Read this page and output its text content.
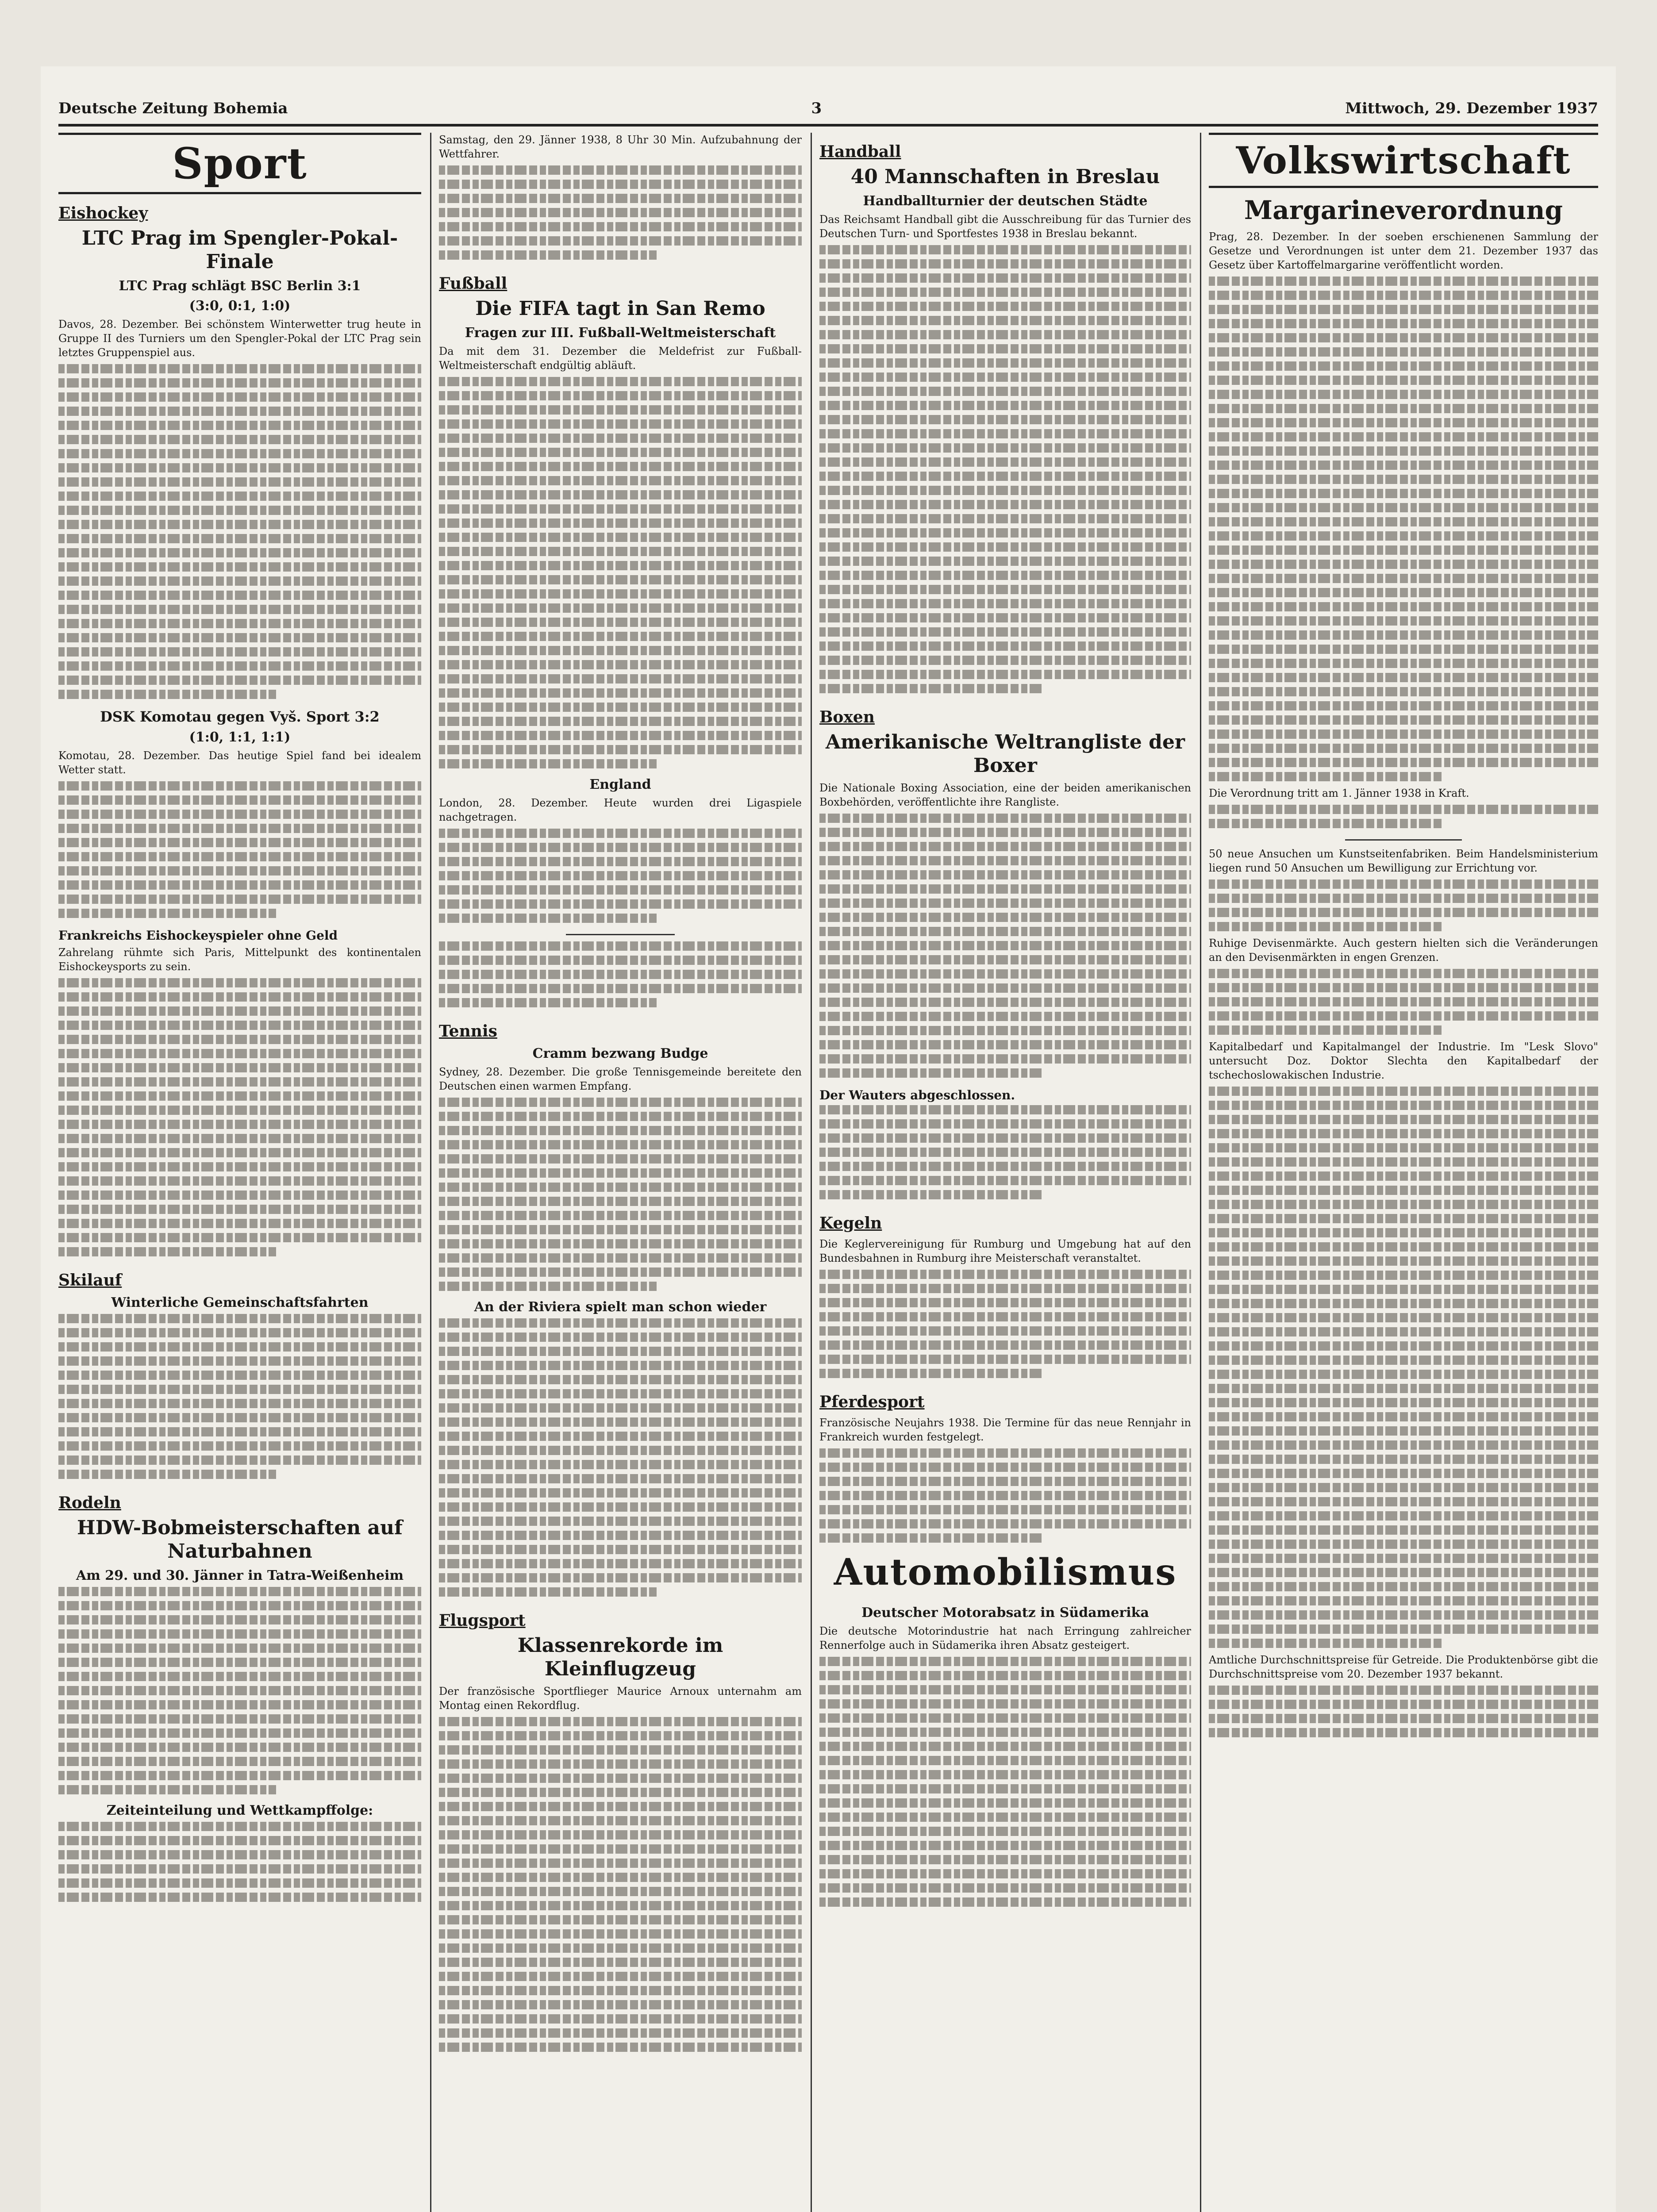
Deutsche Zeitung Bohemia	3	Mittwoch, 29. Dezember 1937
Sport
Eishockey
LTC Prag im Spengler-Pokal-Finale
LTC Prag schlägt BSC Berlin 3:1
(3:0, 0:1, 1:0)

Davos, 28. Dezember. Bei schönstem Winterwetter trug heute in Gruppe II des Turniers um den Spengler-Pokal der LTC Prag sein letztes Gruppenspiel aus.

DSK Komotau gegen Vyš. Sport 3:2
(1:0, 1:1, 1:1)

Komotau, 28. Dezember. Das heutige Spiel fand bei idealem Wetter statt.

Frankreichs Eishockeyspieler ohne Geld

Zahrelang rühmte sich Paris, Mittelpunkt des kontinentalen Eishockeysports zu sein.

Skilauf
Winterliche Gemeinschaftsfahrten
Rodeln
HDW-Bobmeisterschaften auf Naturbahnen
Am 29. und 30. Jänner in Tatra-Weißenheim
Zeiteinteilung und Wettkampffolge:

Samstag, den 29. Jänner 1938, 8 Uhr 30 Min. Aufzubahnung der Wettfahrer.

Fußball
Die FIFA tagt in San Remo
Fragen zur III. Fußball-Weltmeisterschaft

Da mit dem 31. Dezember die Meldefrist zur Fußball-Weltmeisterschaft endgültig abläuft.

England

London, 28. Dezember. Heute wurden drei Ligaspiele nachgetragen.

Tennis
Cramm bezwang Budge

Sydney, 28. Dezember. Die große Tennisgemeinde bereitete den Deutschen einen warmen Empfang.

An der Riviera spielt man schon wieder
Flugsport
Klassenrekorde im Kleinflugzeug

Der französische Sportflieger Maurice Arnoux unternahm am Montag einen Rekordflug.

Handball
40 Mannschaften in Breslau
Handballturnier der deutschen Städte

Das Reichsamt Handball gibt die Ausschreibung für das Turnier des Deutschen Turn- und Sportfestes 1938 in Breslau bekannt.

Boxen
Amerikanische Weltrangliste der Boxer

Die Nationale Boxing Association, eine der beiden amerikanischen Boxbehörden, veröffentlichte ihre Rangliste.

Der Wauters abgeschlossen.
Kegeln

Die Keglervereinigung für Rumburg und Umgebung hat auf den Bundesbahnen in Rumburg ihre Meisterschaft veranstaltet.

Pferdesport

Französische Neujahrs 1938. Die Termine für das neue Rennjahr in Frankreich wurden festgelegt.

Automobilismus
Deutscher Motorabsatz in Südamerika

Die deutsche Motorindustrie hat nach Erringung zahlreicher Rennerfolge auch in Südamerika ihren Absatz gesteigert.

Volkswirtschaft
Margarineverordnung

Prag, 28. Dezember. In der soeben erschienenen Sammlung der Gesetze und Verordnungen ist unter dem 21. Dezember 1937 das Gesetz über Kartoffelmargarine veröffentlicht worden.

Die Verordnung tritt am 1. Jänner 1938 in Kraft.

50 neue Ansuchen um Kunstseitenfabriken. Beim Handelsministerium liegen rund 50 Ansuchen um Bewilligung zur Errichtung vor.

Ruhige Devisenmärkte. Auch gestern hielten sich die Veränderungen an den Devisenmärkten in engen Grenzen.

Kapitalbedarf und Kapitalmangel der Industrie. Im "Lesk Slovo" untersucht Doz. Doktor Slechta den Kapitalbedarf der tschechoslowakischen Industrie.

Amtliche Durchschnittspreise für Getreide. Die Produktenbörse gibt die Durchschnittspreise vom 20. Dezember 1937 bekannt.
